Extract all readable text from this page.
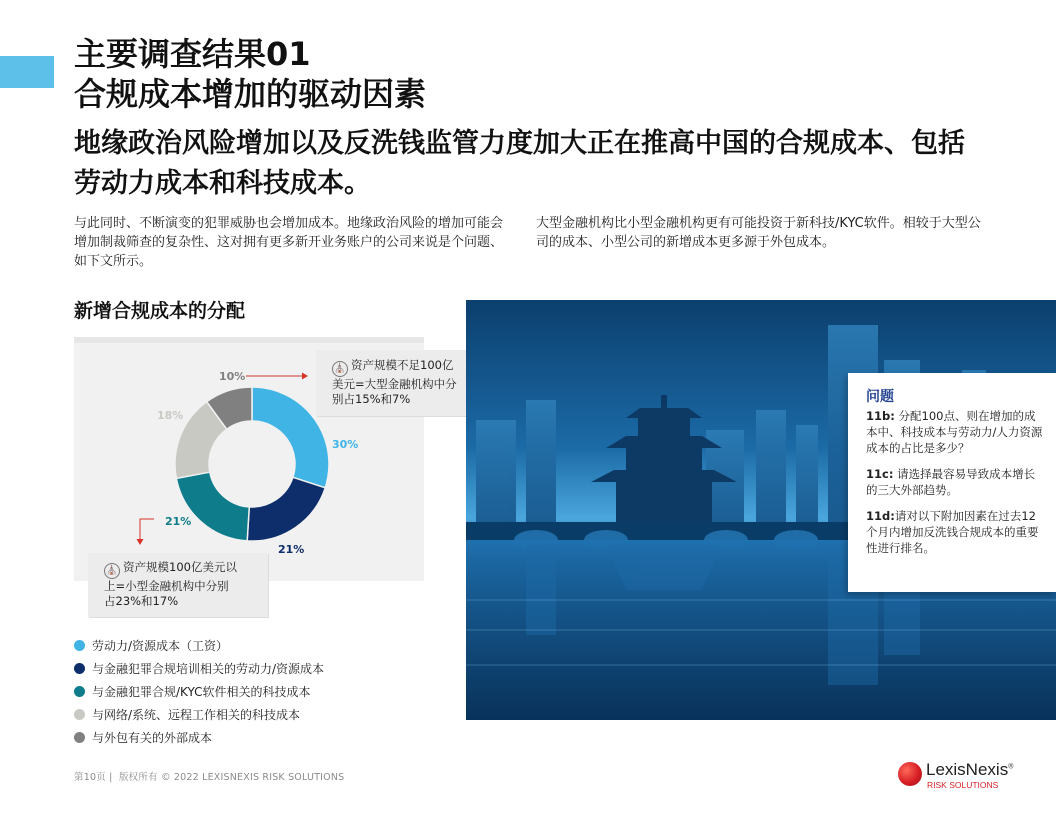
主要调查结果01
合规成本增加的驱动因素
地缘政治风险增加以及反洗钱监管力度加大正在推高中国的合规成本、包括劳动力成本和科技成本。

与此同时、不断演变的犯罪威胁也会增加成本。地缘政治风险的增加可能会增加制裁筛查的复杂性、这对拥有更多新开业务账户的公司来说是个问题、如下文所示。

大型金融机构比小型金融机构更有可能投资于新科技/KYC软件。相较于大型公司的成本、小型公司的新增成本更多源于外包成本。

新增合规成本的分配
30%
21%
21%
18%
10%
⛪ 资产规模不足100亿
美元=大型金融机构中分
别占15%和7%
⛪ 资产规模100亿美元以
上=小型金融机构中分别
占23%和17%
劳动力/资源成本（工资）
与金融犯罪合规培训相关的劳动力/资源成本
与金融犯罪合规/KYC软件相关的科技成本
与网络/系统、远程工作相关的科技成本
与外包有关的外部成本
问题
11b: 分配100点、则在增加的成本中、科技成本与劳动力/人力资源成本的占比是多少？
11c: 请选择最容易导致成本增长的三大外部趋势。
11d:请对以下附加因素在过去12个月内增加反洗钱合规成本的重要性进行排名。
第10页 |  版权所有 © 2022 LEXISNEXIS RISK SOLUTIONS	LexisNexis®
RISK SOLUTIONS
